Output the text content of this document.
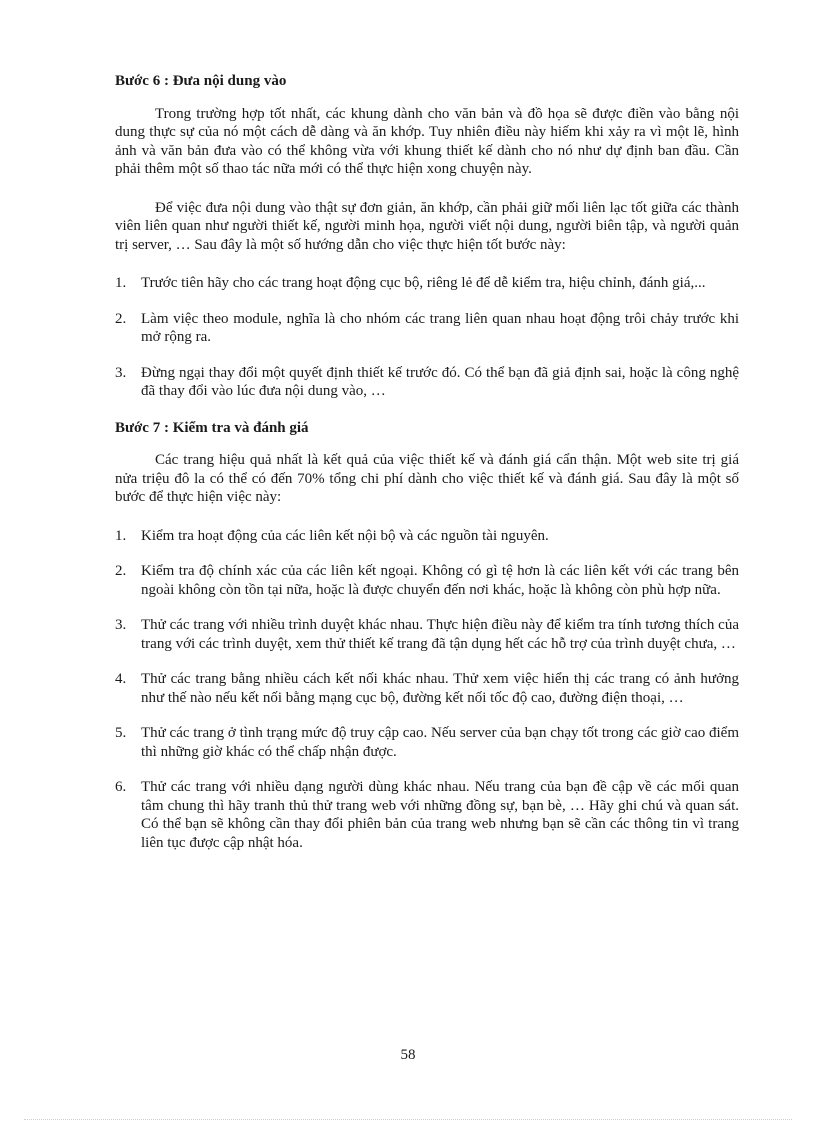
Bước 6 : Đưa nội dung vào

Trong trường hợp tốt nhất, các khung dành cho văn bản và đồ họa sẽ được điền vào bằng nội dung thực sự của nó một cách dễ dàng và ăn khớp. Tuy nhiên điều này hiếm khi xảy ra vì một lẽ, hình ảnh và văn bản đưa vào có thể không vừa với khung thiết kế dành cho nó như dự định ban đầu. Cần phải thêm một số thao tác nữa mới có thể thực hiện xong chuyện này.

Để việc đưa nội dung vào thật sự đơn giản, ăn khớp, cần phải giữ mối liên lạc tốt giữa các thành viên liên quan như người thiết kế, người minh họa, người viết nội dung, người biên tập, và người quản trị server, … Sau đây là một số hướng dẫn cho việc thực hiện tốt bước này:

1. Trước tiên hãy cho các trang hoạt động cục bộ, riêng lẻ để dễ kiểm tra, hiệu chỉnh, đánh giá,...
2. Làm việc theo module, nghĩa là cho nhóm các trang liên quan nhau hoạt động trôi chảy trước khi mở rộng ra.
3. Đừng ngại thay đổi một quyết định thiết kế trước đó. Có thể bạn đã giả định sai, hoặc là công nghệ đã thay đổi vào lúc đưa nội dung vào, …
Bước 7 : Kiểm tra và đánh giá

Các trang hiệu quả nhất là kết quả của việc thiết kế và đánh giá cẩn thận. Một web site trị giá nửa triệu đô la có thể có đến 70% tổng chi phí dành cho việc thiết kế và đánh giá. Sau đây là một số bước để thực hiện việc này:

1. Kiểm tra hoạt động của các liên kết nội bộ và các nguồn tài nguyên.
2. Kiểm tra độ chính xác của các liên kết ngoại. Không có gì tệ hơn là các liên kết với các trang bên ngoài không còn tồn tại nữa, hoặc là được chuyển đến nơi khác, hoặc là không còn phù hợp nữa.
3. Thử các trang với nhiều trình duyệt khác nhau. Thực hiện điều này để kiểm tra tính tương thích của trang với các trình duyệt, xem thử thiết kế trang đã tận dụng hết các hỗ trợ của trình duyệt chưa, …
4. Thử các trang bằng nhiều cách kết nối khác nhau. Thử xem việc hiển thị các trang có ảnh hưởng như thế nào nếu kết nối bằng mạng cục bộ, đường kết nối tốc độ cao, đường điện thoại, …
5. Thử các trang ở tình trạng mức độ truy cập cao. Nếu server của bạn chạy tốt trong các giờ cao điểm thì những giờ khác có thể chấp nhận được.
6. Thử các trang với nhiều dạng người dùng khác nhau. Nếu trang của bạn đề cập về các mối quan tâm chung thì hãy tranh thủ thử trang web với những đồng sự, bạn bè, … Hãy ghi chú và quan sát. Có thể bạn sẽ không cần thay đổi phiên bản của trang web nhưng bạn sẽ cần các thông tin vì trang liên tục được cập nhật hóa.
58
